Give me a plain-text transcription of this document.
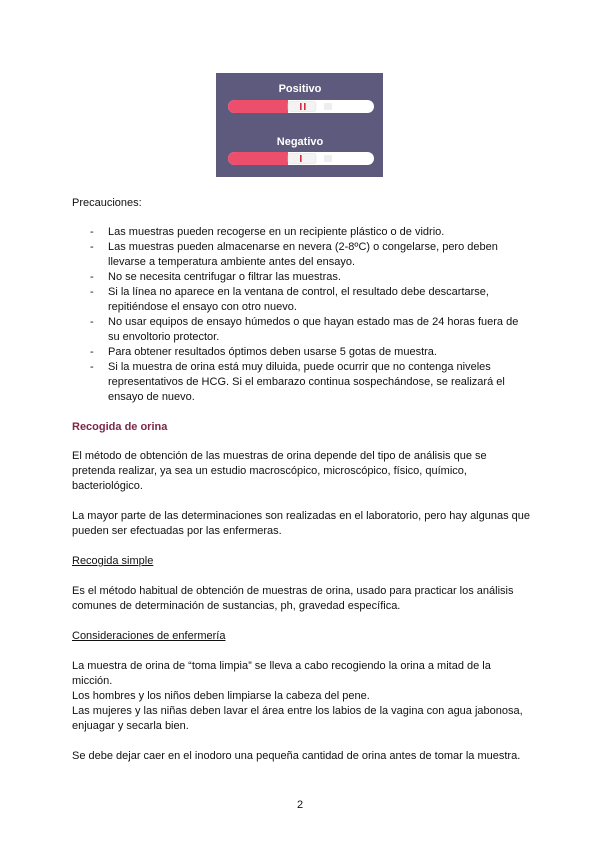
Positivo
Negativo

Precauciones:

- Las muestras pueden recogerse en un recipiente plástico o de vidrio.
- Las muestras pueden almacenarse en nevera (2-8ºC) o congelarse, pero deben llevarse a temperatura ambiente antes del ensayo.
- No se necesita centrifugar o filtrar las muestras.
- Si la línea no aparece en la ventana de control, el resultado debe descartarse, repitiéndose el ensayo con otro nuevo.
- No usar equipos de ensayo húmedos o que hayan estado mas de 24 horas fuera de su envoltorio protector.
- Para obtener resultados óptimos deben usarse 5 gotas de muestra.
- Si la muestra de orina está muy diluida, puede ocurrir que no contenga niveles representativos de HCG. Si el embarazo continua sospechándose, se realizará el ensayo de nuevo.

Recogida de orina

El método de obtención de las muestras de orina depende del tipo de análisis que se pretenda realizar, ya sea un estudio macroscópico, microscópico, físico, químico, bacteriológico.

La mayor parte de las determinaciones son realizadas en el laboratorio, pero hay algunas que pueden ser efectuadas por las enfermeras.

Recogida simple

Es el método habitual de obtención de muestras de orina, usado para practicar los análisis comunes de determinación de sustancias, ph, gravedad específica.

Consideraciones de enfermería

La muestra de orina de “toma limpia” se lleva a cabo recogiendo la orina a mitad de la micción.

Los hombres y los niños deben limpiarse la cabeza del pene.

Las mujeres y las niñas deben lavar el área entre los labios de la vagina con agua jabonosa, enjuagar y secarla bien.

Se debe dejar caer en el inodoro una pequeña cantidad de orina antes de tomar la muestra.

2
